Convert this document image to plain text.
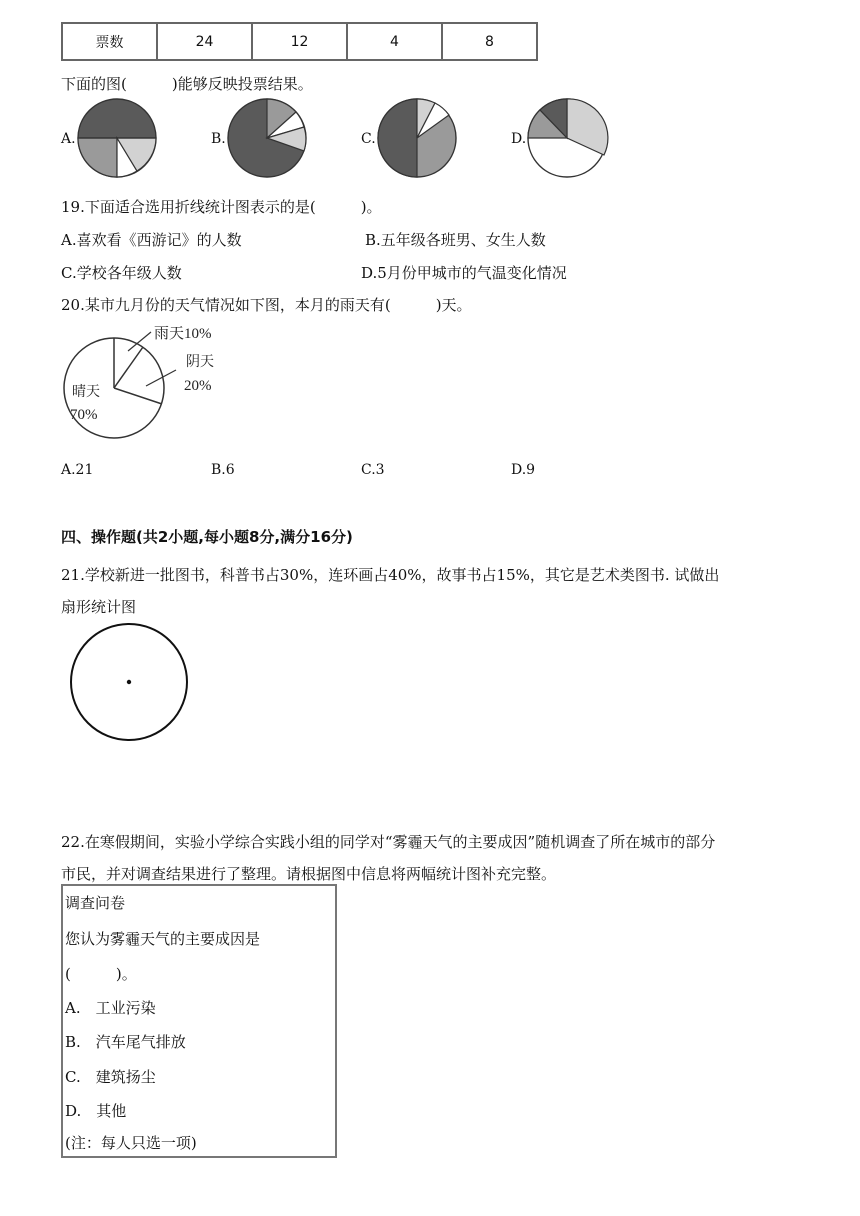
票数	24	12	4	8
下面的图(　　　)能够反映投票结果。
A.	B.	C.	D.
19.下面适合选用折线统计图表示的是(　　　)。
A.喜欢看《西游记》的人数	B.五年级各班男、女生人数
C.学校各年级人数	D.5月份甲城市的气温变化情况
20.某市九月份的天气情况如下图，本月的雨天有(　　　)天。
雨天10%
阴天
20%
晴天
70%
A.21	B.6	C.3	D.9
四、操作题(共2小题,每小题8分,满分16分)
21.学校新进一批图书，科普书占30%，连环画占40%，故事书占15%，其它是艺术类图书. 试做出
扇形统计图
22.在寒假期间，实验小学综合实践小组的同学对“雾霾天气的主要成因”随机调查了所在城市的部分
市民，并对调查结果进行了整理。请根据图中信息将两幅统计图补充完整。
调查问卷
您认为雾霾天气的主要成因是
(　　　)。
A.　工业污染
B.　汽车尾气排放
C.　建筑扬尘
D.　其他
(注：每人只选一项)
